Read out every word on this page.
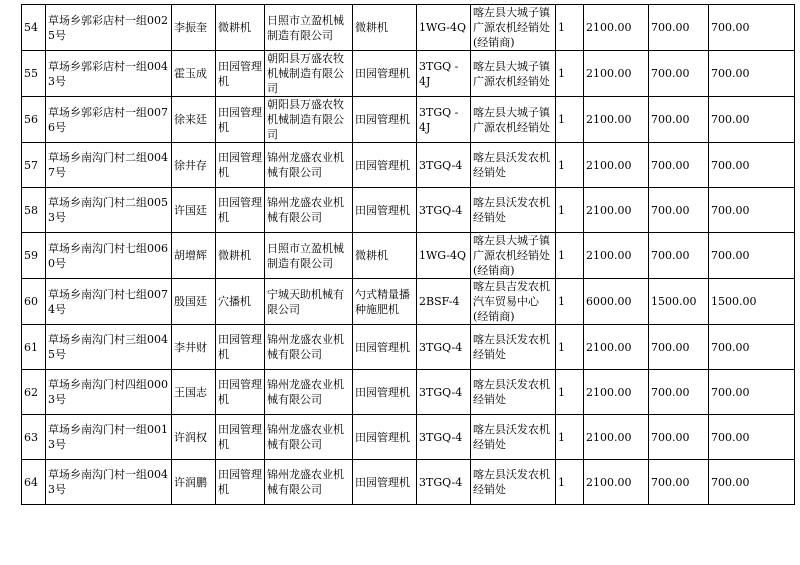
54	草场乡郭彩店村一组0025号	李振奎	微耕机	日照市立盈机械制造有限公司	微耕机	1WG-4Q	喀左县大城子镇广源农机经销处(经销商)	1	2100.00	700.00	700.00
55	草场乡郭彩店村一组0043号	霍玉成	田园管理机	朝阳县万盛农牧机械制造有限公司	田园管理机	3TGQ - 4J	喀左县大城子镇广源农机经销处	1	2100.00	700.00	700.00
56	草场乡郭彩店村一组0076号	徐来廷	田园管理机	朝阳县万盛农牧机械制造有限公司	田园管理机	3TGQ - 4J	喀左县大城子镇广源农机经销处	1	2100.00	700.00	700.00
57	草场乡南沟门村二组0047号	徐井存	田园管理机	锦州龙盛农业机械有限公司	田园管理机	3TGQ-4	喀左县沃发农机经销处	1	2100.00	700.00	700.00
58	草场乡南沟门村二组0053号	许国廷	田园管理机	锦州龙盛农业机械有限公司	田园管理机	3TGQ-4	喀左县沃发农机经销处	1	2100.00	700.00	700.00
59	草场乡南沟门村七组0060号	胡增辉	微耕机	日照市立盈机械制造有限公司	微耕机	1WG-4Q	喀左县大城子镇广源农机经销处(经销商)	1	2100.00	700.00	700.00
60	草场乡南沟门村七组0074号	殷国廷	穴播机	宁城天助机械有限公司	勺式精量播种施肥机	2BSF-4	喀左县吉发农机汽车贸易中心(经销商)	1	6000.00	1500.00	1500.00
61	草场乡南沟门村三组0045号	李井财	田园管理机	锦州龙盛农业机械有限公司	田园管理机	3TGQ-4	喀左县沃发农机经销处	1	2100.00	700.00	700.00
62	草场乡南沟门村四组0003号	王国志	田园管理机	锦州龙盛农业机械有限公司	田园管理机	3TGQ-4	喀左县沃发农机经销处	1	2100.00	700.00	700.00
63	草场乡南沟门村一组0013号	许润权	田园管理机	锦州龙盛农业机械有限公司	田园管理机	3TGQ-4	喀左县沃发农机经销处	1	2100.00	700.00	700.00
64	草场乡南沟门村一组0043号	许润鹏	田园管理机	锦州龙盛农业机械有限公司	田园管理机	3TGQ-4	喀左县沃发农机经销处	1	2100.00	700.00	700.00
